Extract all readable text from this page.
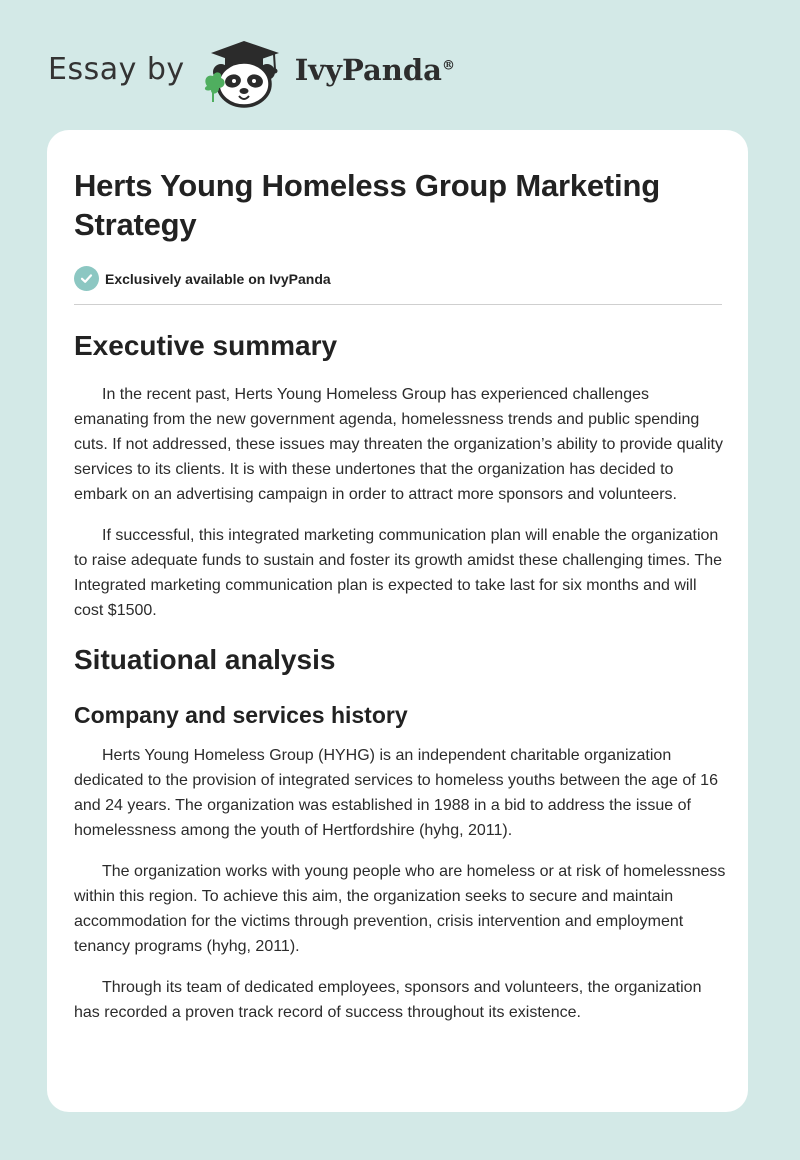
Essay by	IvyPanda®
Herts Young Homeless Group Marketing Strategy
Exclusively available on IvyPanda
Executive summary

In the recent past, Herts Young Homeless Group has experienced challenges emanating from the new government agenda, homelessness trends and public spending cuts. If not addressed, these issues may threaten the organization’s ability to provide quality services to its clients. It is with these undertones that the organization has decided to embark on an advertising campaign in order to attract more sponsors and volunteers.

If successful, this integrated marketing communication plan will enable the organization to raise adequate funds to sustain and foster its growth amidst these challenging times. The Integrated marketing communication plan is expected to take last for six months and will cost $1500.

Situational analysis
Company and services history

Herts Young Homeless Group (HYHG) is an independent charitable organization dedicated to the provision of integrated services to homeless youths between the age of 16 and 24 years. The organization was established in 1988 in a bid to address the issue of homelessness among the youth of Hertfordshire (hyhg, 2011).

The organization works with young people who are homeless or at risk of homelessness within this region. To achieve this aim, the organization seeks to secure and maintain accommodation for the victims through prevention, crisis intervention and employment tenancy programs (hyhg, 2011).

Through its team of dedicated employees, sponsors and volunteers, the organization has recorded a proven track record of success throughout its existence.
